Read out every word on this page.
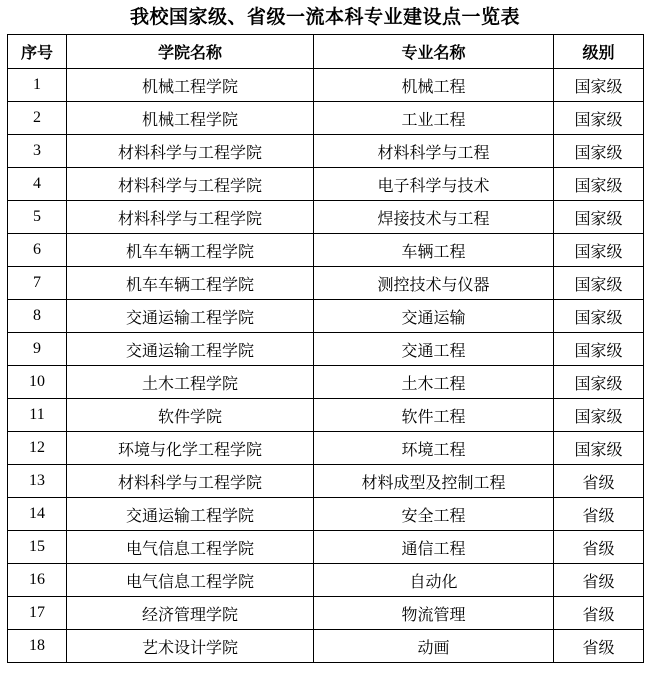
我校国家级、省级一流本科专业建设点一览表
序号	学院名称	专业名称	级别
1	机械工程学院	机械工程	国家级
2	机械工程学院	工业工程	国家级
3	材料科学与工程学院	材料科学与工程	国家级
4	材料科学与工程学院	电子科学与技术	国家级
5	材料科学与工程学院	焊接技术与工程	国家级
6	机车车辆工程学院	车辆工程	国家级
7	机车车辆工程学院	测控技术与仪器	国家级
8	交通运输工程学院	交通运输	国家级
9	交通运输工程学院	交通工程	国家级
10	土木工程学院	土木工程	国家级
11	软件学院	软件工程	国家级
12	环境与化学工程学院	环境工程	国家级
13	材料科学与工程学院	材料成型及控制工程	省级
14	交通运输工程学院	安全工程	省级
15	电气信息工程学院	通信工程	省级
16	电气信息工程学院	自动化	省级
17	经济管理学院	物流管理	省级
18	艺术设计学院	动画	省级
